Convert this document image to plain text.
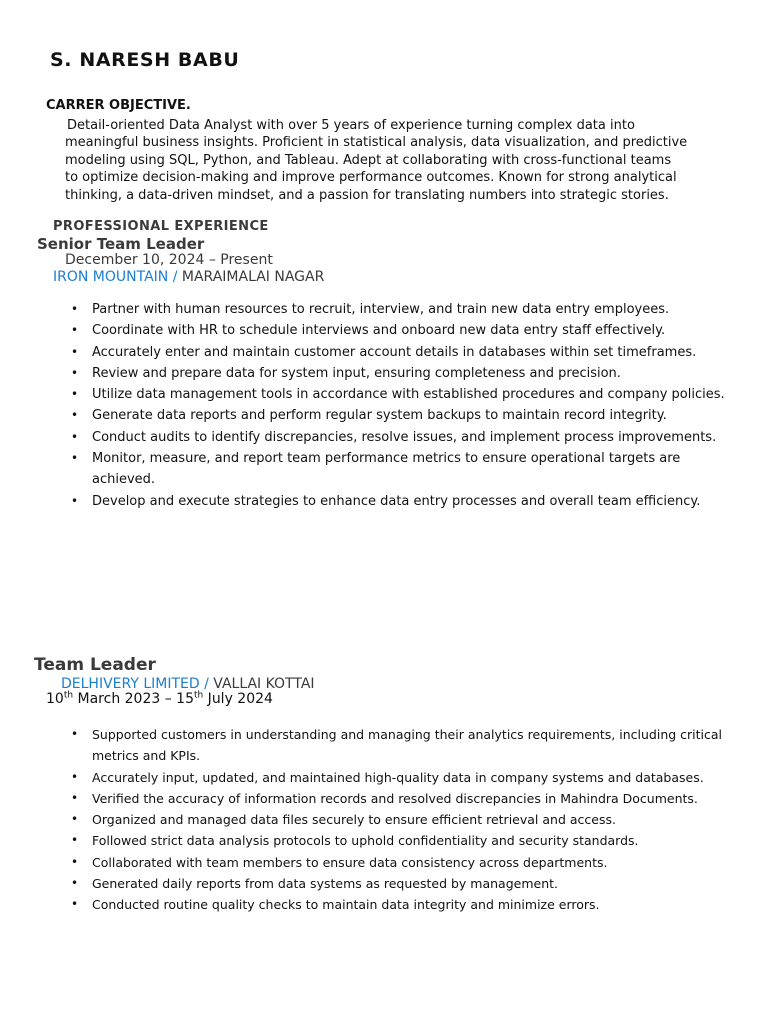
S. NARESH BABU
CARRER OBJECTIVE.
Detail-oriented Data Analyst with over 5 years of experience turning complex data into
meaningful business insights. Proficient in statistical analysis, data visualization, and predictive
modeling using SQL, Python, and Tableau. Adept at collaborating with cross-functional teams
to optimize decision-making and improve performance outcomes. Known for strong analytical
thinking, a data-driven mindset, and a passion for translating numbers into strategic stories.
PROFESSIONAL EXPERIENCE
Senior Team Leader
December 10, 2024 – Present
IRON MOUNTAIN / MARAIMALAI NAGAR
• Partner with human resources to recruit, interview, and train new data entry employees.
• Coordinate with HR to schedule interviews and onboard new data entry staff effectively.
• Accurately enter and maintain customer account details in databases within set timeframes.
• Review and prepare data for system input, ensuring completeness and precision.
• Utilize data management tools in accordance with established procedures and company policies.
• Generate data reports and perform regular system backups to maintain record integrity.
• Conduct audits to identify discrepancies, resolve issues, and implement process improvements.
• Monitor, measure, and report team performance metrics to ensure operational targets are achieved.
• Develop and execute strategies to enhance data entry processes and overall team efficiency.
Team Leader
DELHIVERY LIMITED / VALLAI KOTTAI
10th March 2023 – 15th July 2024
• Supported customers in understanding and managing their analytics requirements, including critical metrics and KPIs.
• Accurately input, updated, and maintained high-quality data in company systems and databases.
• Verified the accuracy of information records and resolved discrepancies in Mahindra Documents.
• Organized and managed data files securely to ensure efficient retrieval and access.
• Followed strict data analysis protocols to uphold confidentiality and security standards.
• Collaborated with team members to ensure data consistency across departments.
• Generated daily reports from data systems as requested by management.
• Conducted routine quality checks to maintain data integrity and minimize errors.
